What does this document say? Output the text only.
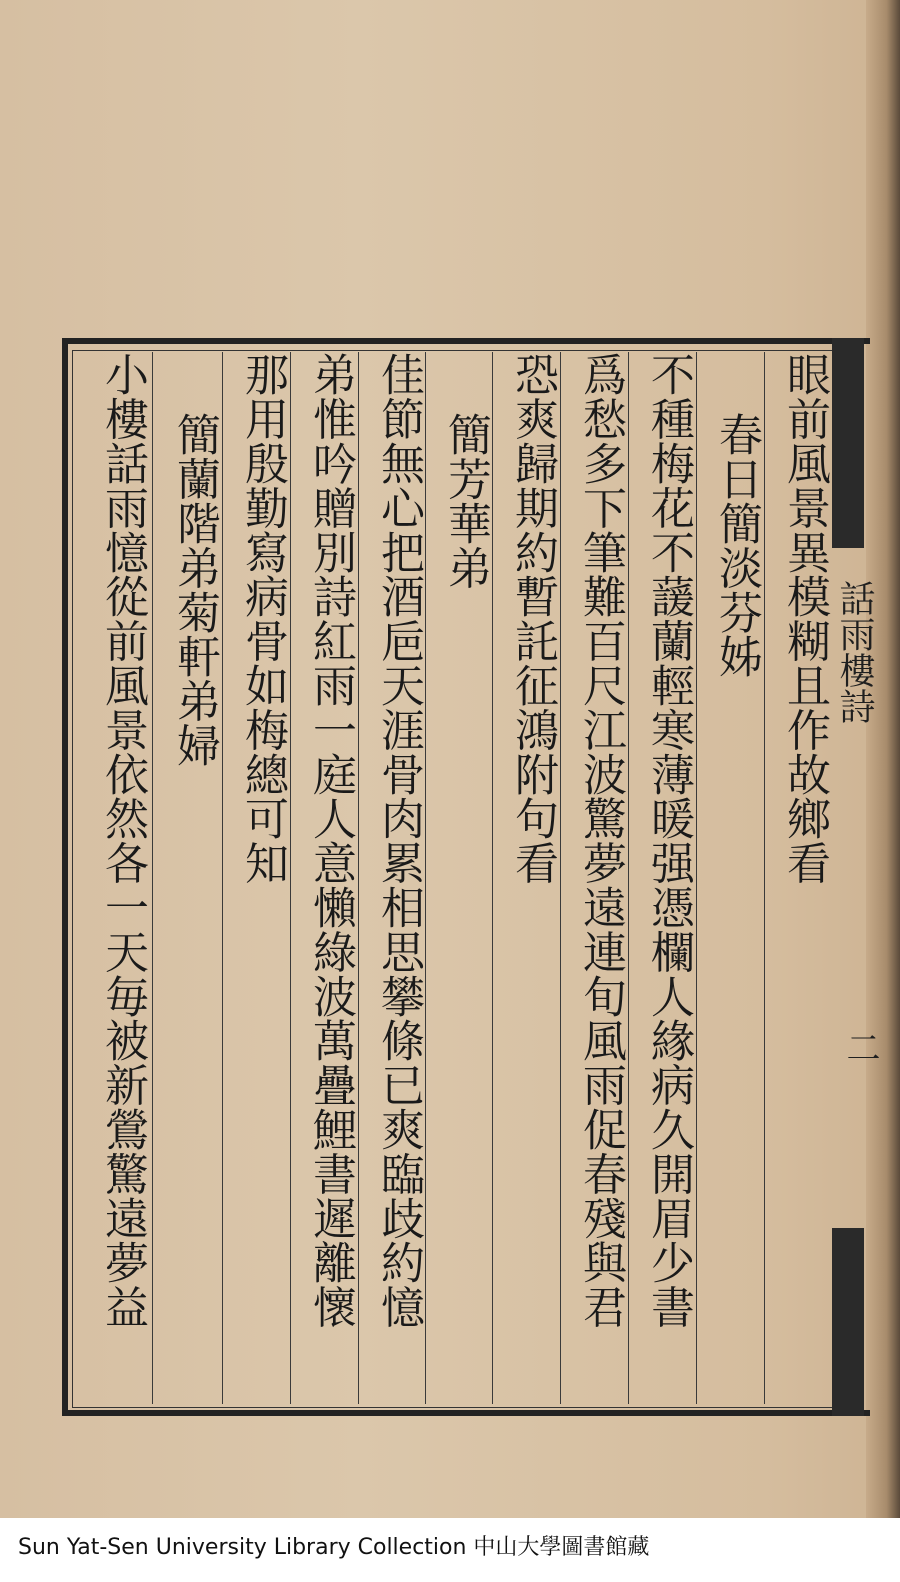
話雨樓詩
二
眼前風景異模糊且作故鄉看
春日簡淡芬姊
不種梅花不蘐蘭輕寒薄暖强憑欄人緣病久開眉少書
爲愁多下筆難百尺江波驚夢遠連旬風雨促春殘與君
恐爽歸期約暫託征鴻附句看
簡芳華弟
佳節無心把酒巵天涯骨肉累相思攀條已爽臨歧約憶
弟惟吟贈別詩紅雨一庭人意懶綠波萬疊鯉書遲離懷
那用殷勤寫病骨如梅總可知
簡蘭階弟菊軒弟婦
小樓話雨憶從前風景依然各一天毎被新鶯驚遠夢益
Sun Yat-Sen University Library Collection 中山大學圖書館藏
